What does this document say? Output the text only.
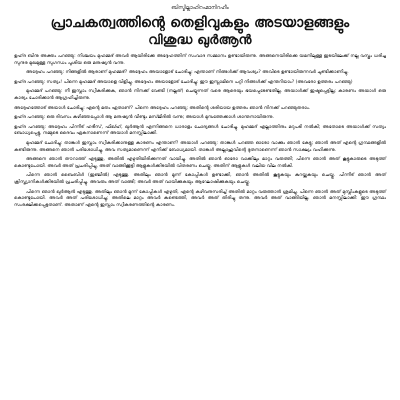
ബിസ്മില്ലാഹിറഹ്മാനിറഹീം
പ്രാചകത്വത്തിന്റെ തെളിവുകളും അടയാളങ്ങളും
വിശുദ്ധ ഖുർആൻ

ഉഹ്‌ദ ബിനു അക്തം പറഞ്ഞു: നിശ്ചയം മുഹമ്മദ് അവർ ആയിരിക്കേ അദ്ദേഹത്തിന് സംവാദ സമ്മാനം ഉണ്ടായിരുന്നു. അങ്ങനെയിരിക്കെ യമനിലുള്ള ഇടയിലേക്ക് നല്ല വസ്ത്രം ധരിച്ച സുന്ദര മുഖമുള്ള സുഗന്ധം പൂശിയ ഒരു മനുഷ്യൻ വന്നു.

അദ്ദേഹം പറഞ്ഞു: നിങ്ങളിൽ ആരാണ് മുഹമ്മദ്? അദ്ദേഹം അയാളോട് ചോദിച്ചു: എന്താണ് നിങ്ങൾക്ക് ആവശ്യം? അവിടെ ഉണ്ടായിരുന്നവർ ചൂണ്ടിക്കാണിച്ചു.

ഉഹ്‌ദ പറഞ്ഞു: സത്യം! പിന്നെ മുഹമ്മദ് അയാളെ വിളിച്ചു. അദ്ദേഹം അയാളോട് ചോദിച്ചു: ഈ ഇസ്ലാമിനെ പറ്റി നിങ്ങൾക്ക് എന്തറിയാം? (അവരോ ഉത്തരം പറഞ്ഞു)

മുഹമ്മദ് പറഞ്ഞു: നീ ഇസ്ലാം സ്വീകരിക്കുക, ഞാൻ നിനക്ക് വേണ്ടി (നല്ലത്) ചെയ്യുന്നത് വരെ ആരെയും ഭയപ്പെടേണ്ടതില്ല. അയാൾക്ക് ഇഷ്ടപ്പെട്ടില്ല; കാരണം അയാൾ ഒരു കാര്യം ചോദിക്കാൻ ആഗ്രഹിച്ചിരുന്നു.

അദ്ദേഹത്തോട് അയാൾ ചോദിച്ചു: എന്റെ മതം ഏതാണ്? പിന്നെ അദ്ദേഹം പറഞ്ഞു; അതിന്റെ ശരിയായ ഉത്തരം ഞാൻ നിനക്ക് പറഞ്ഞുതരാം.

ഉഹ്‌ദ പറഞ്ഞു: ഒരു ദിവസം കഴിഞ്ഞപ്പോൾ ആ മനുഷ്യൻ വീണ്ടും മസ്ജിദിൽ വന്നു; അയാൾ മുമ്പത്തേക്കാൾ ശാന്തനായിരുന്നു.

ഉഹ്‌ദ പറഞ്ഞു: അദ്ദേഹം പിന്നീട് ഹദീസ്, ഫിഖ്ഹ്, ഖുർആൻ എന്നിങ്ങനെ ധാരാളം ചോദ്യങ്ങൾ ചോദിച്ചു. മുഹമ്മദ് എല്ലാത്തിനും മറുപടി നൽകി; അതോടെ അയാൾക്ക് സത്യം ബോധ്യപ്പെട്ടു, നമ്മുടെ ദൈവം ഏകനാണെന്ന് അയാൾ മനസ്സിലാക്കി.

മുഹമ്മദ് ചോദിച്ചു: താങ്കൾ ഇസ്ലാം സ്വീകരിക്കാനുള്ള കാരണം എന്താണ്? അയാൾ പറഞ്ഞു: താങ്കൾ പറഞ്ഞ ഓരോ വാക്കും ഞാൻ കേട്ടു; ഞാൻ അത് എന്റെ ഗ്രന്ഥങ്ങളിൽ കണ്ടിരുന്നു. അങ്ങനെ ഞാൻ പരിശോധിച്ചു, അവ സത്യമാണെന്ന് എനിക്ക് ബോധ്യമായി. താങ്കൾ അല്ലാഹുവിന്റെ ദൂതനാണെന്ന് ഞാൻ സാക്ഷ്യം വഹിക്കുന്നു.

അങ്ങനെ ഞാൻ തൗറാത്ത് എടുത്തു, അതിൽ എഴുതിയിരിക്കുന്നത് വായിച്ചു. അതിൽ ഞാൻ ഓരോ വാക്കിലും മാറ്റം വരുത്തി; പിന്നെ ഞാൻ അത് കൂട്ടുകാരുടെ അടുത്ത് കൊണ്ടുപോയി. അവർ അത് പ്രചരിപ്പിച്ചു, അത് വാങ്ങിക്കൂട്ടി ആളുകൾക്കിടയിൽ വിതരണം ചെയ്തു. അതിന് ആളുകൾ വലിയ വില നൽകി.

പിന്നെ ഞാൻ ബൈബിൾ (ഇഞ്ചീൽ) എടുത്തു. അതിലും ഞാൻ മൂന്ന് കോപ്പികൾ ഉണ്ടാക്കി, ഞാൻ അതിൽ കൂട്ടുകയും കുറയ്ക്കുകയും ചെയ്തു. പിന്നീട് ഞാൻ അത് ക്രിസ്ത്യാനികൾക്കിടയിൽ പ്രചരിപ്പിച്ചു. അവരും അത് വാങ്ങി; അവർ അത് വായിക്കുകയും ആഘോഷിക്കുകയും ചെയ്തു.

പിന്നെ ഞാൻ ഖുർആൻ എടുത്തു. അതിലും ഞാൻ മൂന്ന് കോപ്പികൾ എഴുതി, എന്റെ കഴിവനുസരിച്ച് അതിൽ മാറ്റം വരുത്താൻ ശ്രമിച്ചു. പിന്നെ ഞാൻ അത് മുസ്ലിംകളുടെ അടുത്ത് കൊണ്ടുപോയി. അവർ അത് പരിശോധിച്ചു; അതിലെ മാറ്റം അവർ കണ്ടെത്തി, അവർ അത് തിരിച്ചു തന്നു. അവർ അത് വാങ്ങിയില്ല. ഞാൻ മനസ്സിലാക്കി: ഈ ഗ്രന്ഥം സംരക്ഷിക്കപ്പെട്ടതാണ്. അതാണ് എന്റെ ഇസ്ലാം സ്വീകരണത്തിന്റെ കാരണം.
